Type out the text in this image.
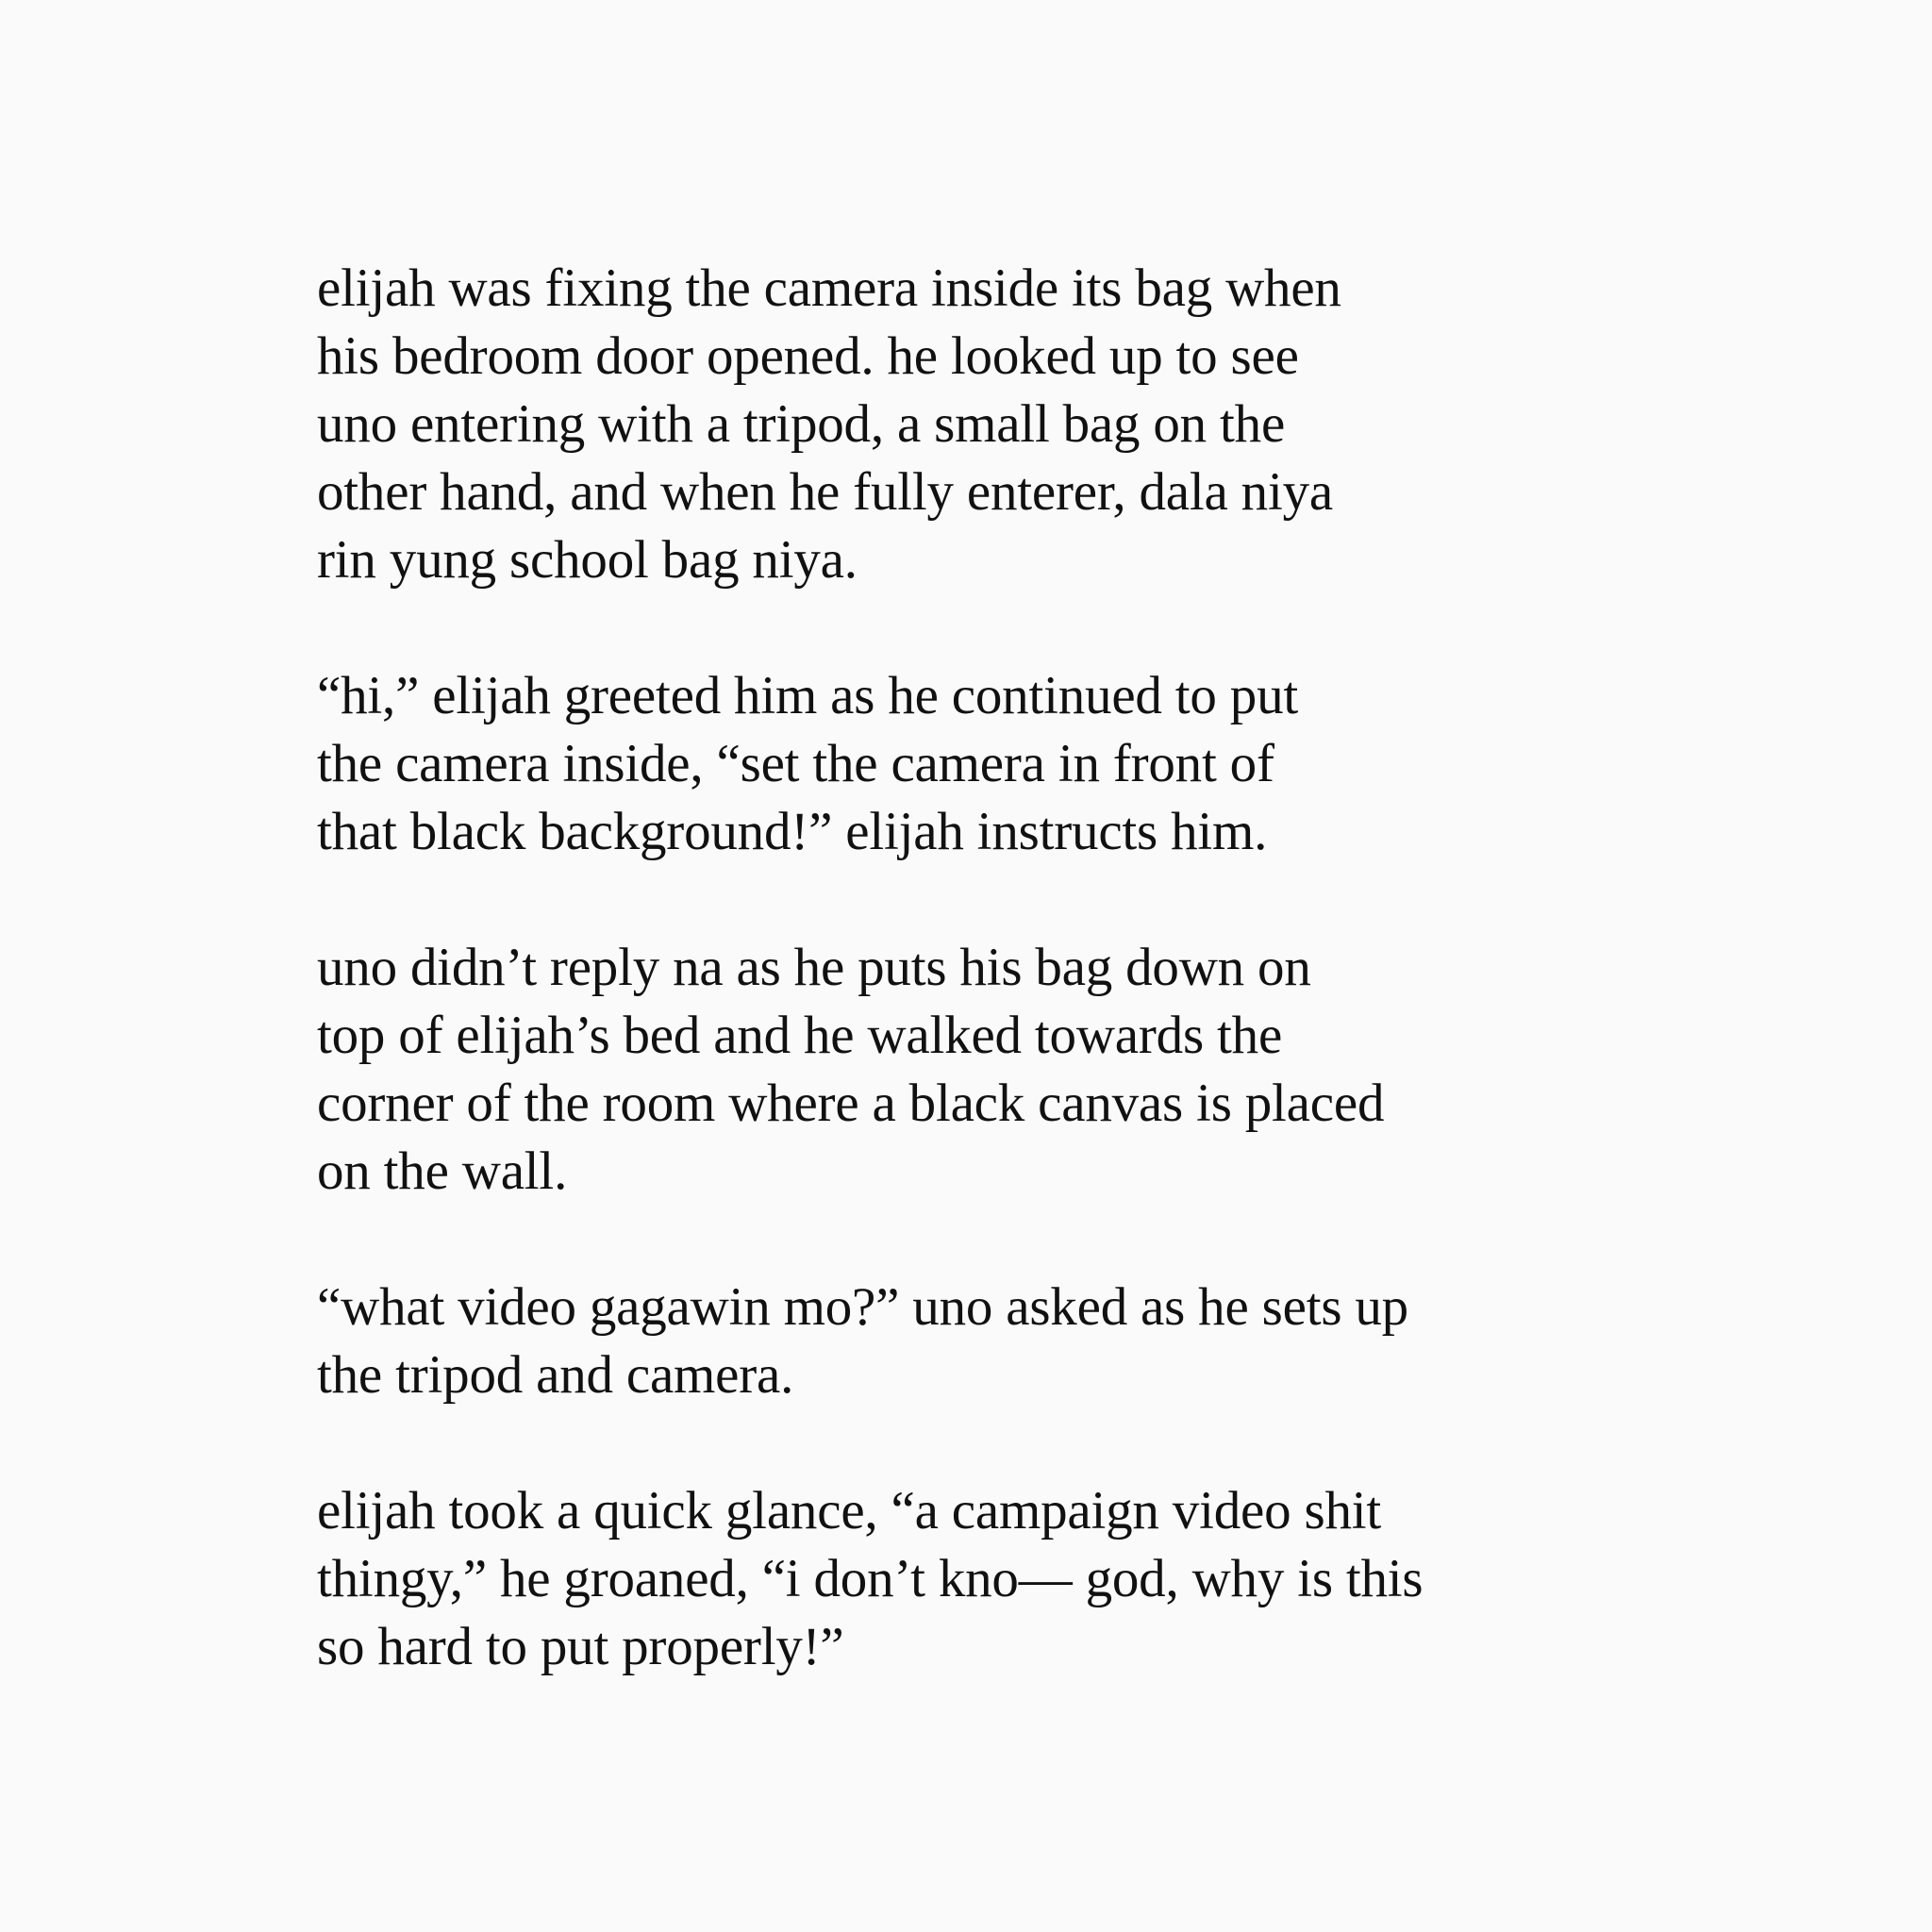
elijah was fixing the camera inside its bag when
his bedroom door opened. he looked up to see
uno entering with a tripod, a small bag on the
other hand, and when he fully enterer, dala niya
rin yung school bag niya.

“hi,” elijah greeted him as he continued to put
the camera inside, “set the camera in front of
that black background!” elijah instructs him.

uno didn’t reply na as he puts his bag down on
top of elijah’s bed and he walked towards the
corner of the room where a black canvas is placed
on the wall.

“what video gagawin mo?” uno asked as he sets up
the tripod and camera.

elijah took a quick glance, “a campaign video shit
thingy,” he groaned, “i don’t kno— god, why is this
so hard to put properly!”
